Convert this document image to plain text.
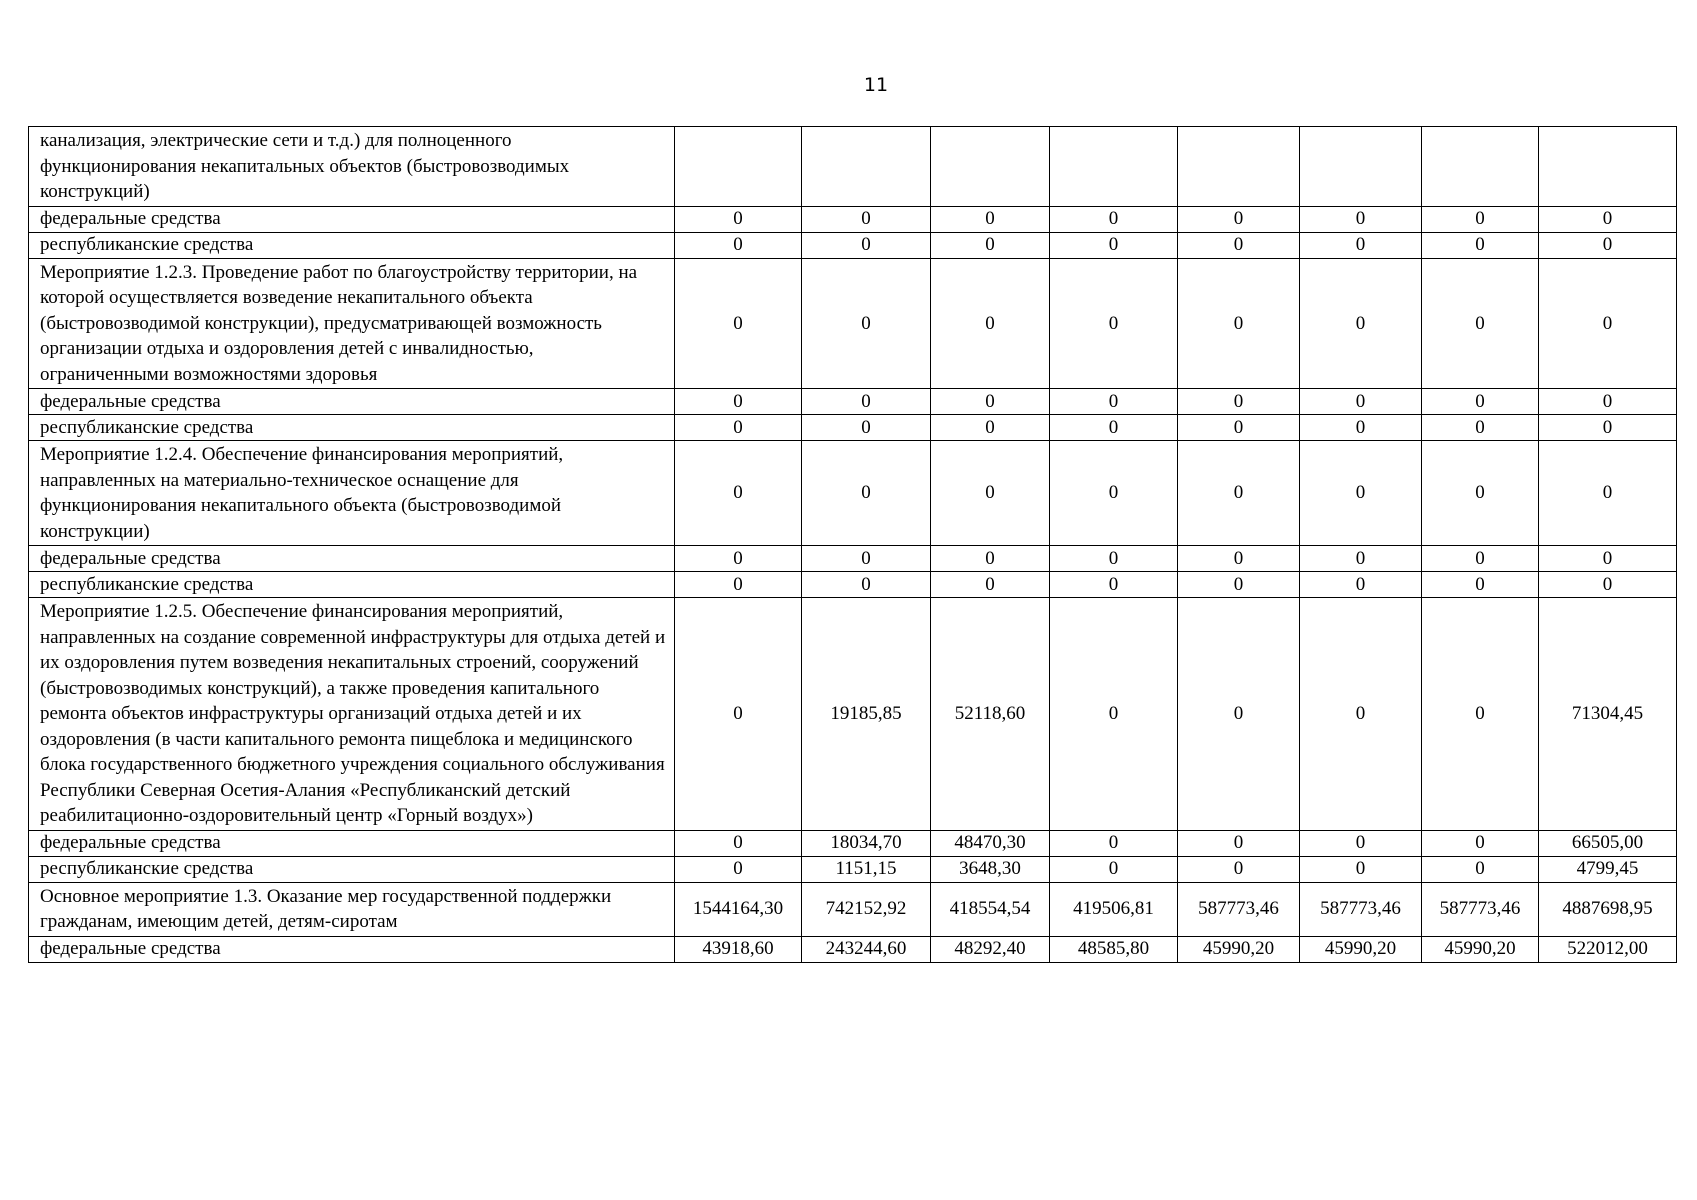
11
канализация, электрические сети и т.д.) для полноценного функционирования некапитальных объектов (быстровозводимых конструкций)								
федеральные средства	0	0	0	0	0	0	0	0
республиканские средства	0	0	0	0	0	0	0	0
Мероприятие 1.2.3. Проведение работ по благоустройству территории, на которой осуществляется возведение некапитального объекта (быстровозводимой конструкции), предусматривающей возможность организации отдыха и оздоровления детей с инвалидностью, ограниченными возможностями здоровья	0	0	0	0	0	0	0	0
федеральные средства	0	0	0	0	0	0	0	0
республиканские средства	0	0	0	0	0	0	0	0
Мероприятие 1.2.4. Обеспечение финансирования мероприятий, направленных на материально-техническое оснащение для функционирования некапитального объекта (быстровозводимой конструкции)	0	0	0	0	0	0	0	0
федеральные средства	0	0	0	0	0	0	0	0
республиканские средства	0	0	0	0	0	0	0	0
Мероприятие 1.2.5. Обеспечение финансирования мероприятий, направленных на создание современной инфраструктуры для отдыха детей и их оздоровления путем возведения некапитальных строений, сооружений (быстровозводимых конструкций), а также проведения капитального ремонта объектов инфраструктуры организаций отдыха детей и их оздоровления (в части капитального ремонта пищеблока и медицинского блока государственного бюджетного учреждения социального обслуживания Республики Северная Осетия-Алания «Республиканский детский реабилитационно-оздоровительный центр «Горный воздух»)	0	19185,85	52118,60	0	0	0	0	71304,45
федеральные средства	0	18034,70	48470,30	0	0	0	0	66505,00
республиканские средства	0	1151,15	3648,30	0	0	0	0	4799,45
Основное мероприятие 1.3. Оказание мер государственной поддержки гражданам, имеющим детей, детям-сиротам	1544164,30	742152,92	418554,54	419506,81	587773,46	587773,46	587773,46	4887698,95
федеральные средства	43918,60	243244,60	48292,40	48585,80	45990,20	45990,20	45990,20	522012,00
